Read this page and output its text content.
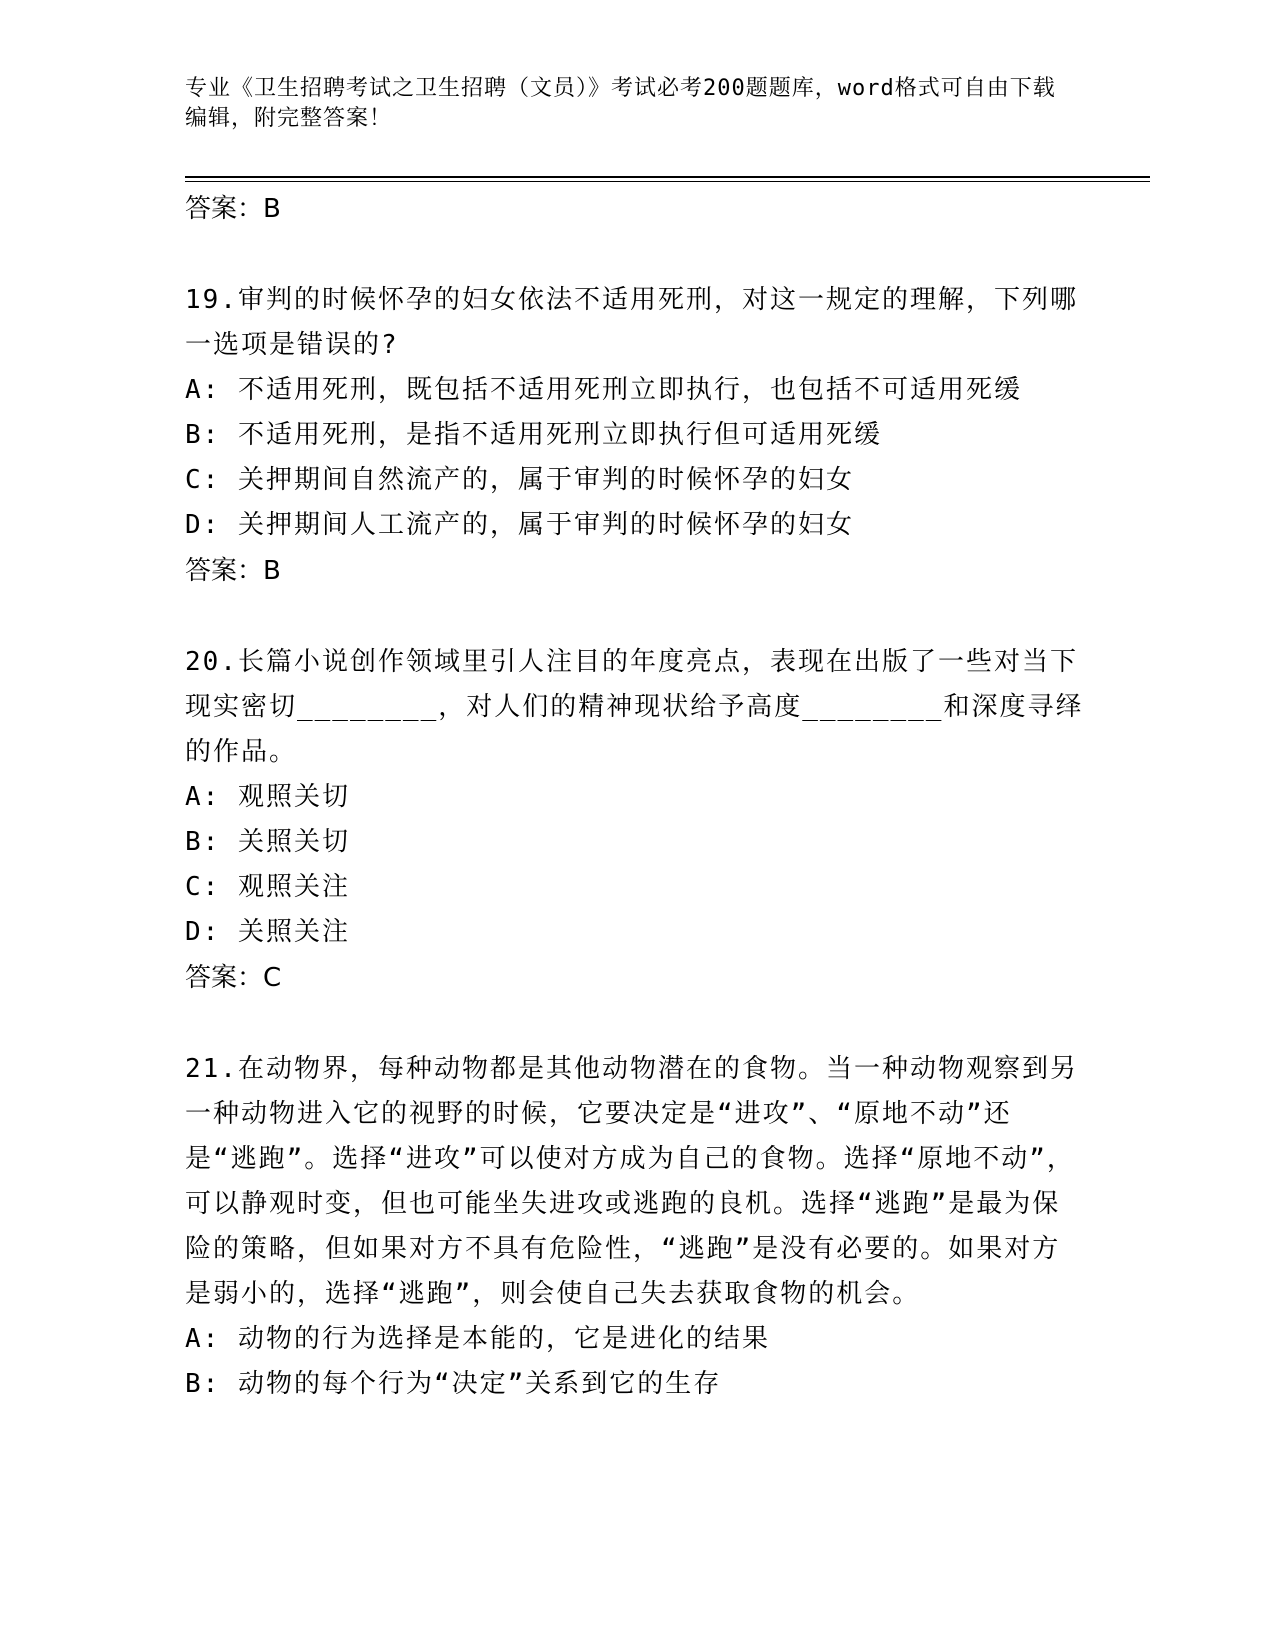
专业《卫生招聘考试之卫生招聘（文员）》考试必考200题题库，word格式可自由下载编辑，附完整答案！

答案：B

19.审判的时候怀孕的妇女依法不适用死刑，对这一规定的理解，下列哪一选项是错误的?

A: 不适用死刑，既包括不适用死刑立即执行，也包括不可适用死缓

B: 不适用死刑，是指不适用死刑立即执行但可适用死缓

C: 关押期间自然流产的，属于审判的时候怀孕的妇女

D: 关押期间人工流产的，属于审判的时候怀孕的妇女

答案：B

20.长篇小说创作领域里引人注目的年度亮点，表现在出版了一些对当下现实密切________，对人们的精神现状给予高度________和深度寻绎的作品。

A: 观照关切

B: 关照关切

C: 观照关注

D: 关照关注

答案：C

21.在动物界，每种动物都是其他动物潜在的食物。当一种动物观察到另一种动物进入它的视野的时候，它要决定是“进攻”、“原地不动”还是“逃跑”。选择“进攻”可以使对方成为自己的食物。选择“原地不动”，可以静观时变，但也可能坐失进攻或逃跑的良机。选择“逃跑”是最为保险的策略，但如果对方不具有危险性，“逃跑”是没有必要的。如果对方是弱小的，选择“逃跑”，则会使自己失去获取食物的机会。

A: 动物的行为选择是本能的，它是进化的结果

B: 动物的每个行为“决定”关系到它的生存
